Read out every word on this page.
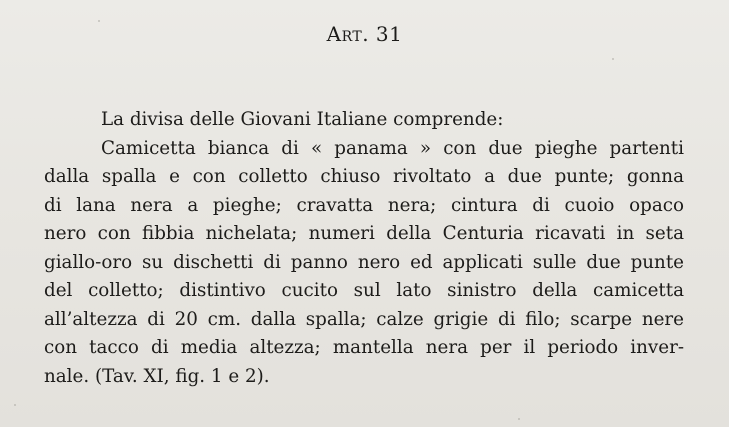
Art. 31
La divisa delle Giovani Italiane comprende:
Camicetta bianca di « panama » con due pieghe partenti
dalla spalla e con colletto chiuso rivoltato a due punte; gonna
di lana nera a pieghe; cravatta nera; cintura di cuoio opaco
nero con fibbia nichelata; numeri della Centuria ricavati in seta
giallo-oro su dischetti di panno nero ed applicati sulle due punte
del colletto; distintivo cucito sul lato sinistro della camicetta
all’altezza di 20 cm. dalla spalla; calze grigie di filo; scarpe nere
con tacco di media altezza; mantella nera per il periodo inver-
nale. (Tav. XI, fig. 1 e 2).
